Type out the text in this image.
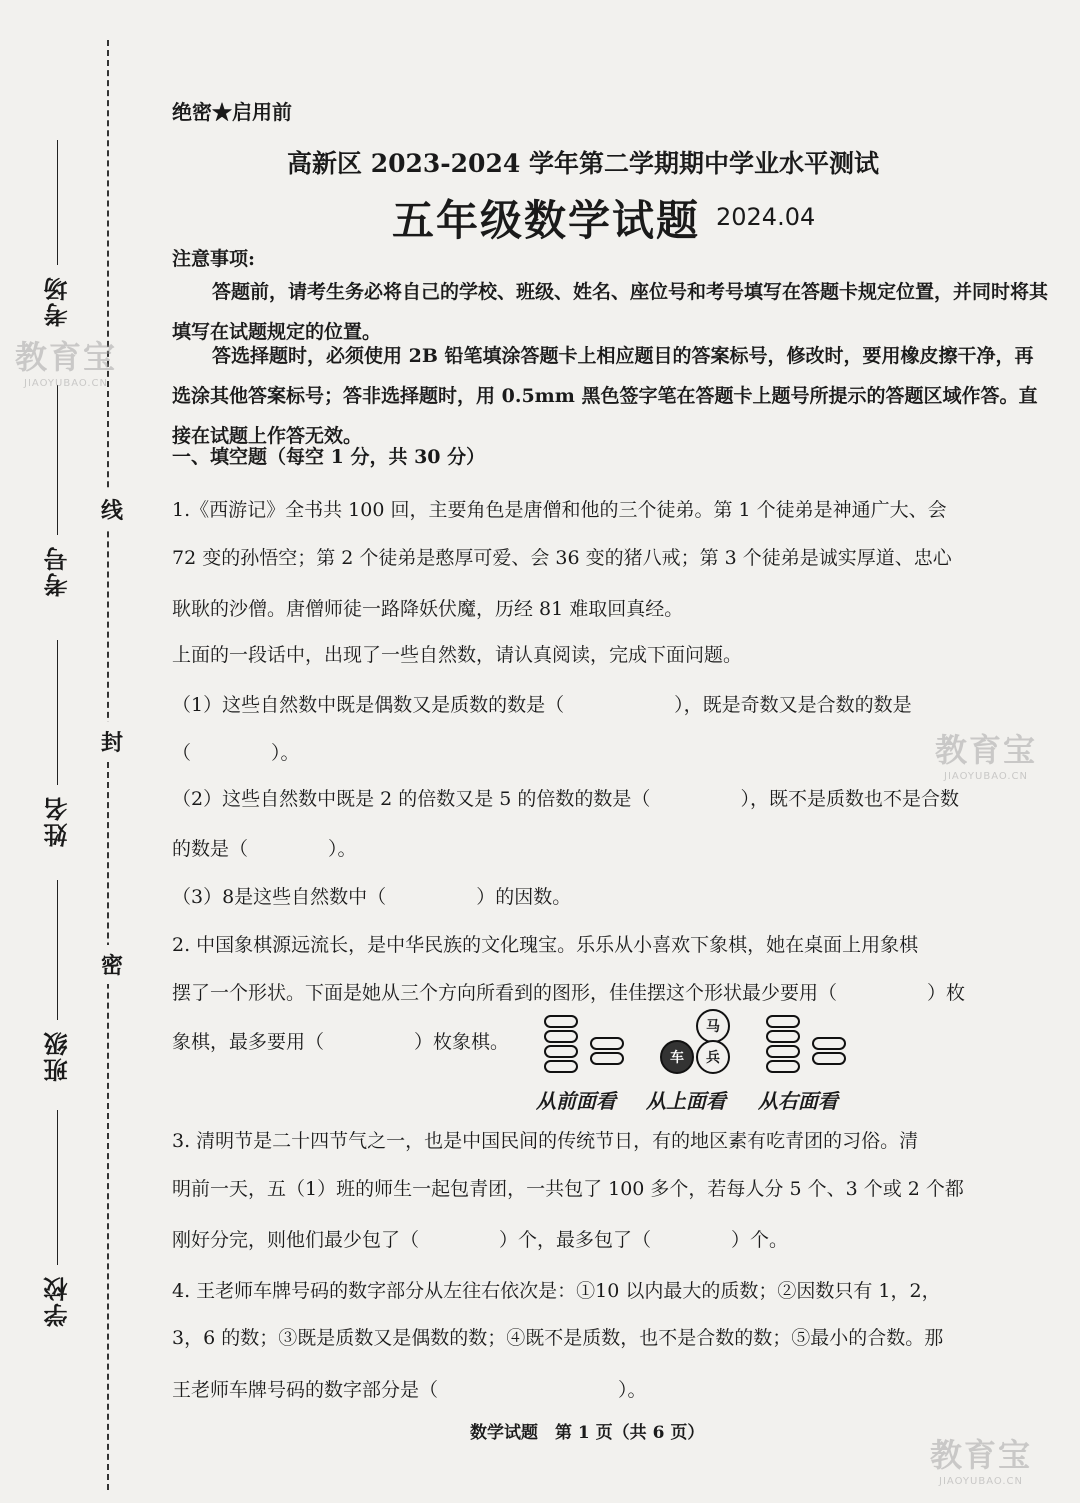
线
封
密
考场
考号
姓名
班级
学校
教育宝
JIAOYUBAO.CN
教育宝
JIAOYUBAO.CN
教育宝
JIAOYUBAO.CN
绝密★启用前
高新区 2023-2024 学年第二学期期中学业水平测试
五年级数学试题 2024.04
注意事项:
答题前，请考生务必将自己的学校、班级、姓名、座位号和考号填写在答题卡规定位置，并同时将其填写在试题规定的位置。
答选择题时，必须使用 2B 铅笔填涂答题卡上相应题目的答案标号，修改时，要用橡皮擦干净，再选涂其他答案标号；答非选择题时，用 0.5mm 黑色签字笔在答题卡上题号所提示的答题区域作答。直接在试题上作答无效。
一、填空题（每空 1 分，共 30 分）
1.《西游记》全书共 100 回，主要角色是唐僧和他的三个徒弟。第 1 个徒弟是神通广大、会
72 变的孙悟空；第 2 个徒弟是憨厚可爱、会 36 变的猪八戒；第 3 个徒弟是诚实厚道、忠心
耿耿的沙僧。唐僧师徒一路降妖伏魔，历经 81 难取回真经。
上面的一段话中，出现了一些自然数，请认真阅读，完成下面问题。
（1）这些自然数中既是偶数又是质数的数是（	），既是奇数又是合数的数是
（	）。
（2）这些自然数中既是 2 的倍数又是 5 的倍数的数是（	），既不是质数也不是合数
的数是（	）。
（3）8是这些自然数中（	）的因数。
2. 中国象棋源远流长，是中华民族的文化瑰宝。乐乐从小喜欢下象棋，她在桌面上用象棋
摆了一个形状。下面是她从三个方向所看到的图形，佳佳摆这个形状最少要用（	）枚
象棋，最多要用（	）枚象棋。
马
车	兵
从前面看 从上面看 从右面看
3. 清明节是二十四节气之一，也是中国民间的传统节日，有的地区素有吃青团的习俗。清
明前一天，五（1）班的师生一起包青团，一共包了 100 多个，若每人分 5 个、3 个或 2 个都
刚好分完，则他们最少包了（	）个，最多包了（	）个。
4. 王老师车牌号码的数字部分从左往右依次是：①10 以内最大的质数；②因数只有 1，2，
3，6 的数；③既是质数又是偶数的数；④既不是质数，也不是合数的数；⑤最小的合数。那
王老师车牌号码的数字部分是（	）。
数学试题　第 1 页（共 6 页）
